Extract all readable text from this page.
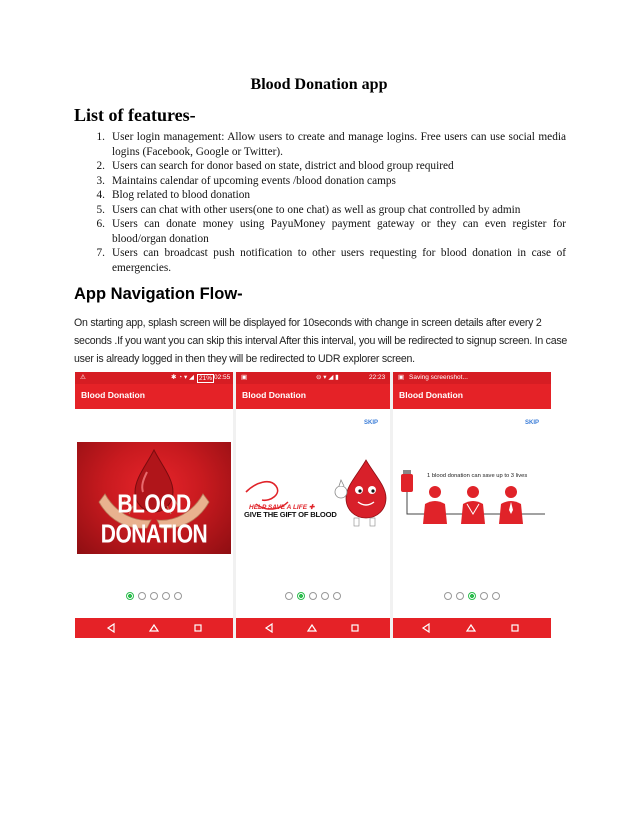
Blood Donation app
List of features-
1. User login management: Allow users to create and manage logins. Free users can use social media logins (Facebook, Google or Twitter).
2. Users can search for donor based on state, district and blood group required
3. Maintains calendar of upcoming events /blood donation camps
4. Blog related to blood donation
5. Users can chat with other users(one to one chat) as well as group chat controlled by admin
6. Users can donate money using PayuMoney payment gateway or they can even register for blood/organ donation
7. Users can broadcast push notification to other users requesting for blood donation in case of emergencies.
App Navigation Flow-

On starting app, splash screen will be displayed for 10seconds with change in screen details after every 2 seconds .If you want you can skip this interval After this interval, you will be redirected to signup screen. In case user is already logged in then they will be redirected to UDR explorer screen.

⚠	✱ ◔ ▾ ◢ 21% 02:55
Blood Donation
BLOOD DONATION
▣	⊖ ▾ ◢ ▮	22:23
Blood Donation
SKIP
HELP SAVE A LIFE ✚
GIVE THE GIFT OF BLOOD
▣ Saving screenshot...
Blood Donation
SKIP
1 blood donation can save up to 3 lives
